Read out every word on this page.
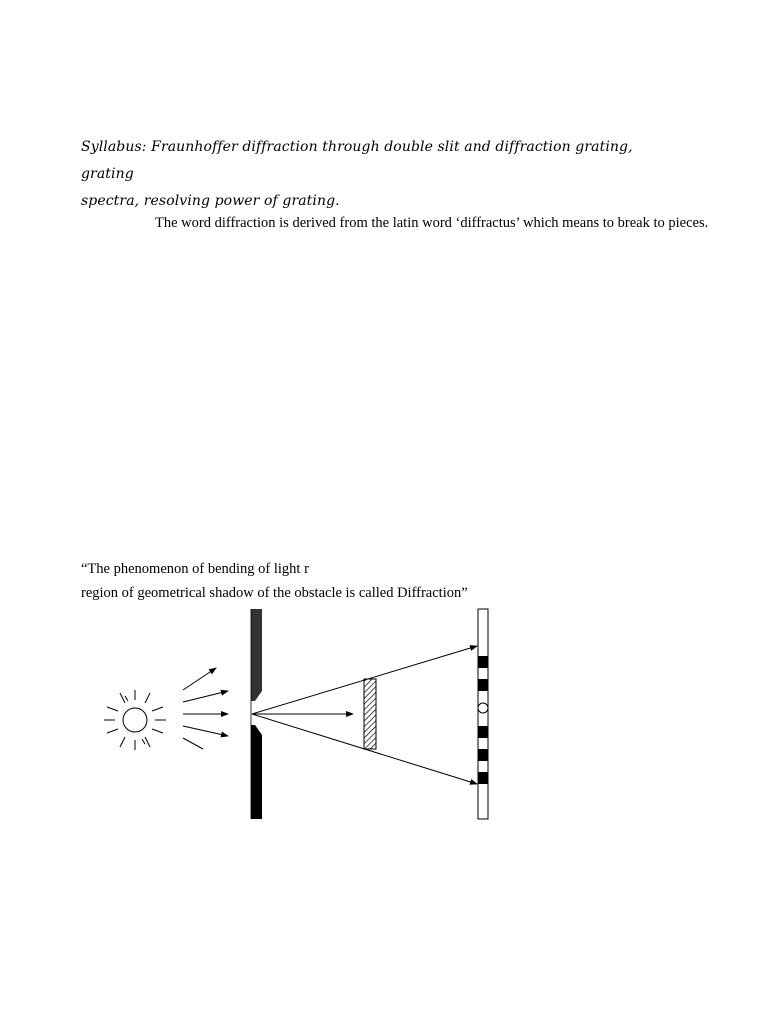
Syllabus: Fraunhoffer diffraction through double slit and diffraction grating, grating
spectra, resolving power of grating.
The word diffraction is derived from the latin word ‘diffractus’ which means to break to pieces.
“The phenomenon of bending of light r
region of geometrical shadow of the obstacle is called Diffraction”
